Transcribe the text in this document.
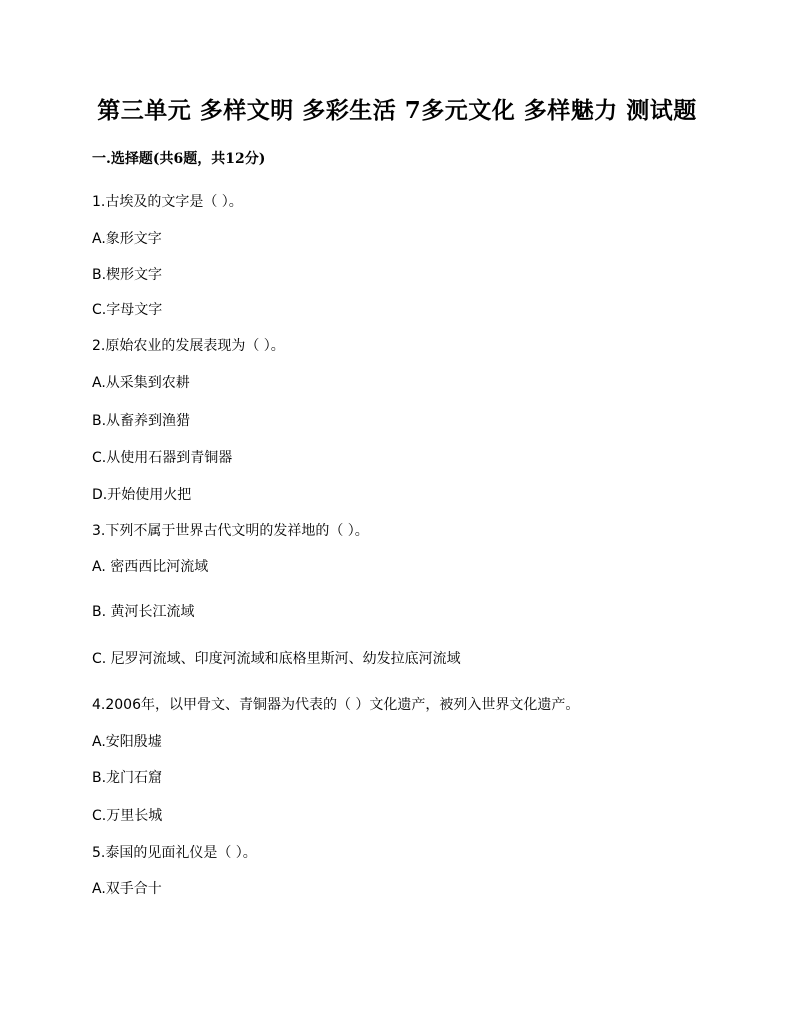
第三单元 多样文明 多彩生活 7多元文化 多样魅力 测试题
一.选择题(共6题，共12分)
1.古埃及的文字是（ ）。
A.象形文字
B.楔形文字
C.字母文字
2.原始农业的发展表现为（ ）。
A.从采集到农耕
B.从畜养到渔猎
C.从使用石器到青铜器
D.开始使用火把
3.下列不属于世界古代文明的发祥地的（ ）。
A. 密西西比河流域
B. 黄河长江流域
C. 尼罗河流域、印度河流域和底格里斯河、幼发拉底河流域
4.2006年，以甲骨文、青铜器为代表的（ ）文化遗产，被列入世界文化遗产。
A.安阳殷墟
B.龙门石窟
C.万里长城
5.泰国的见面礼仪是（ ）。
A.双手合十
